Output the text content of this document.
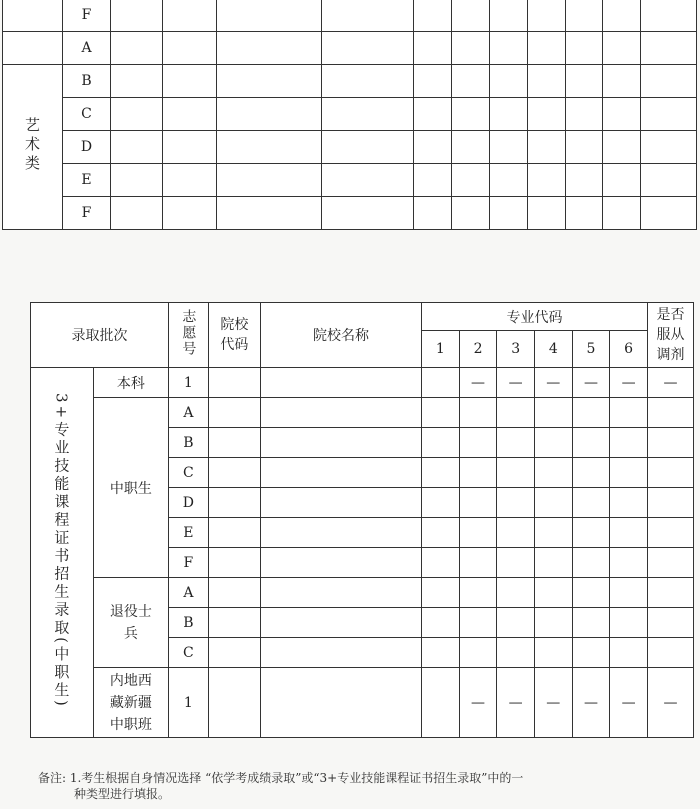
	F											
	A											
艺术类	B											
	C											
	D											
	E											
	F											
录取批次		志愿号	院校代码	院校名称	专业代码						是否服从调剂

					1	2	3	4	5	6	
3+专业技能课程证书招生录取(中职生)	本科	1				—	—	—	—	—	—
	中职生	A									
		B									
		C									
		D									
		E									
		F									

	退役士兵	A									
		B									
		C									

	内地西藏新疆中职班	1				—	—	—	—	—	—
备注: 1.考生根据自身情况选择 “依学考成绩录取”或“3+专业技能课程证书招生录取”中的一
种类型进行填报。
